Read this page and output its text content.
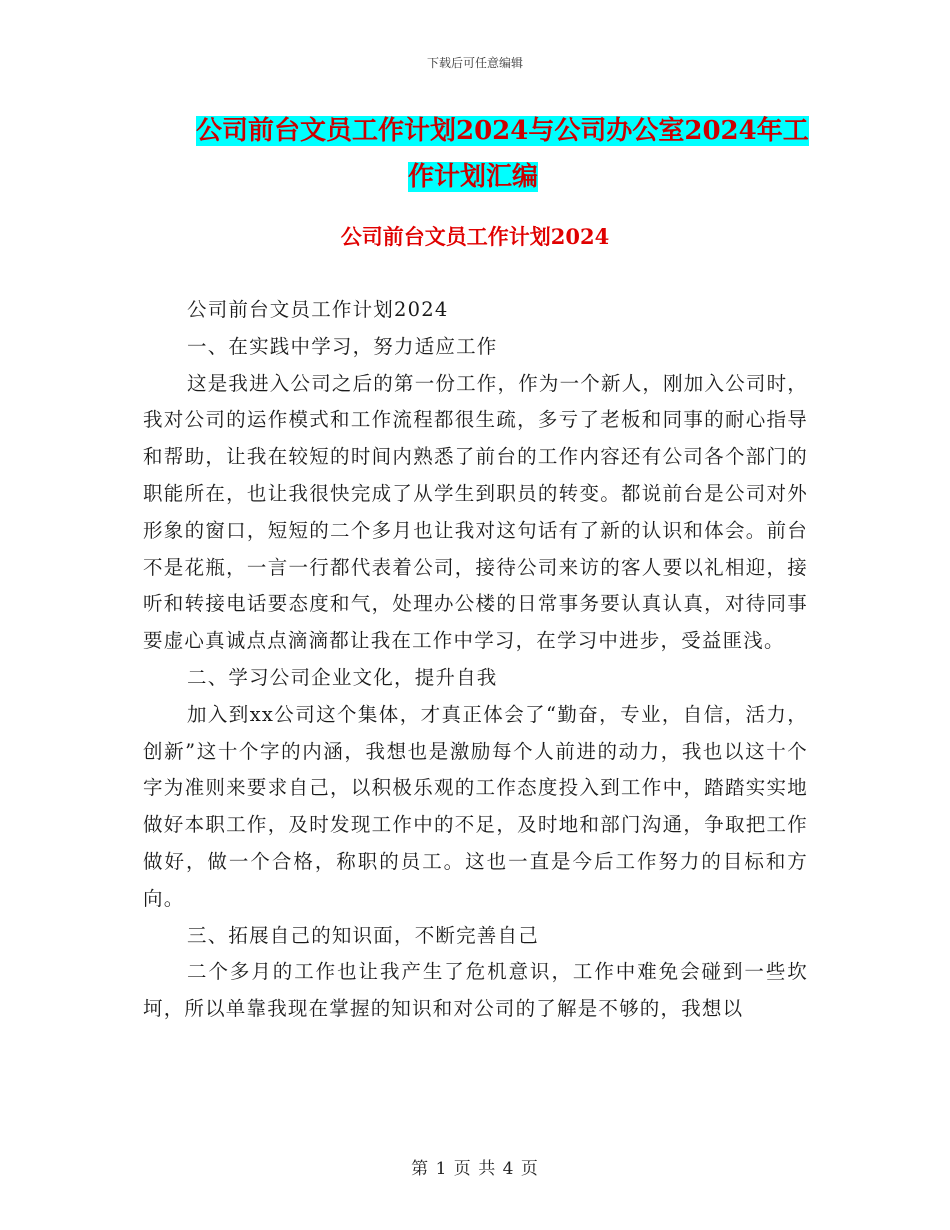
下载后可任意编辑
公司前台文员工作计划2024与公司办公室2024年工
作计划汇编
公司前台文员工作计划2024

公司前台文员工作计划2024

一、在实践中学习，努力适应工作

这是我进入公司之后的第一份工作，作为一个新人，刚加入公司时，我对公司的运作模式和工作流程都很生疏，多亏了老板和同事的耐心指导和帮助，让我在较短的时间内熟悉了前台的工作内容还有公司各个部门的职能所在，也让我很快完成了从学生到职员的转变。都说前台是公司对外形象的窗口，短短的二个多月也让我对这句话有了新的认识和体会。前台不是花瓶，一言一行都代表着公司，接待公司来访的客人要以礼相迎，接听和转接电话要态度和气，处理办公楼的日常事务要认真认真，对待同事要虚心真诚点点滴滴都让我在工作中学习，在学习中进步，受益匪浅。

二、学习公司企业文化，提升自我

加入到xx公司这个集体，才真正体会了“勤奋，专业，自信，活力，创新”这十个字的内涵，我想也是激励每个人前进的动力，我也以这十个字为准则来要求自己，以积极乐观的工作态度投入到工作中，踏踏实实地做好本职工作，及时发现工作中的不足，及时地和部门沟通，争取把工作做好，做一个合格，称职的员工。这也一直是今后工作努力的目标和方向。

三、拓展自己的知识面，不断完善自己

二个多月的工作也让我产生了危机意识，工作中难免会碰到一些坎坷，所以单靠我现在掌握的知识和对公司的了解是不够的，我想以

第 1 页 共 4 页
